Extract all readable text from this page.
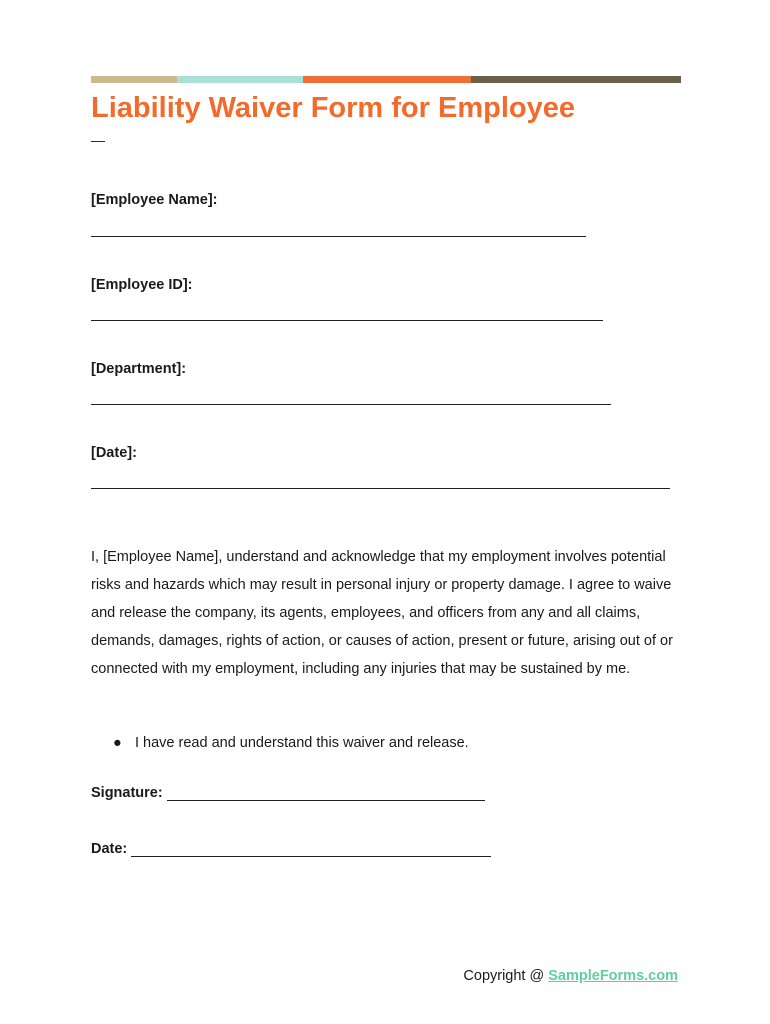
Liability Waiver Form for Employee
—
[Employee Name]:
[Employee ID]:
[Department]:
[Date]:

I, [Employee Name], understand and acknowledge that my employment involves potential risks and hazards which may result in personal injury or property damage. I agree to waive and release the company, its agents, employees, and officers from any and all claims, demands, damages, rights of action, or causes of action, present or future, arising out of or connected with my employment, including any injuries that may be sustained by me.

● I have read and understand this waiver and release.
Signature:
Date:
Copyright @ SampleForms.com
